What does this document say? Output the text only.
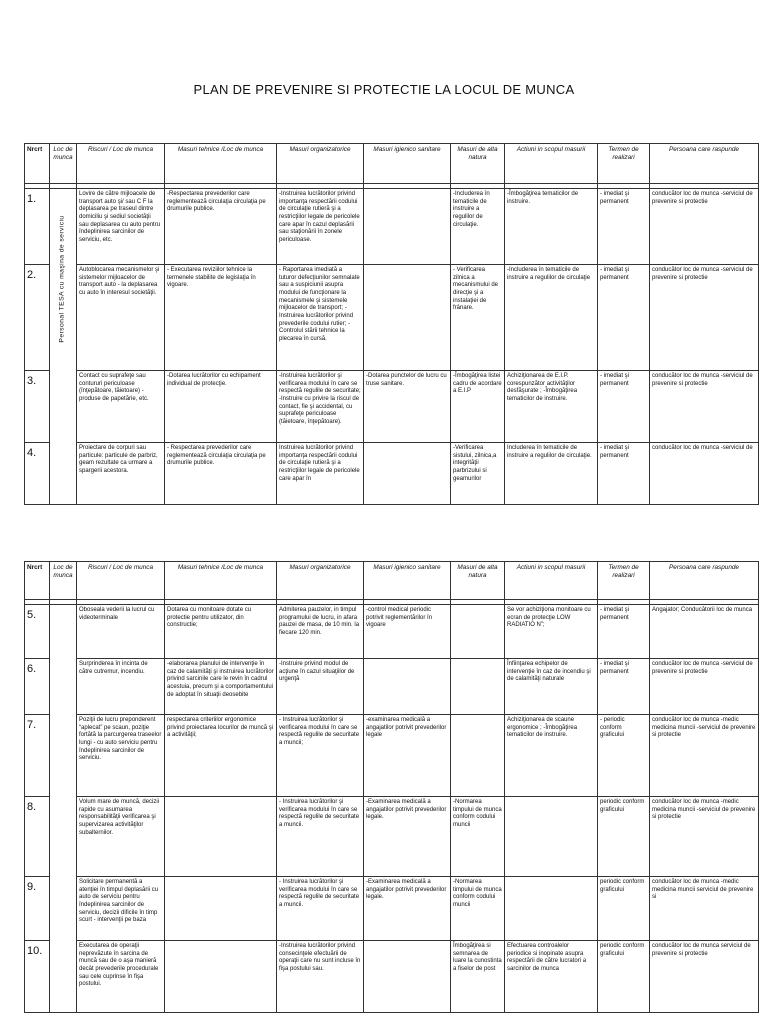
PLAN DE PREVENIRE SI PROTECTIE LA LOCUL DE MUNCA
Nrcrt	Loc de munca	Riscuri / Loc de munca	Masuri tehnice /Loc de munca	Masuri organizatorice	Masuri igienico sanitare	Masuri de alta natura	Actiuni in scopul masurii	Termen de realizari	Persoana care raspunde

1.	Personal TESA cu maşina de serviciu	Lovire de către mijloacele de transport auto şi/ sau C F la deplasarea pe traseul dintre domiciliu şi sediul societăţii sau deplasarea cu auto pentru îndeplinirea sarcinilor de serviciu, etc.	-Respectarea prevederilor care reglementează circulaţia circulaţia pe drumurile publice.	-Instruirea lucrătorilor privind importanţa respectării codului de circulaţie rutieră şi a restricţiilor legale de pericolele care apar în cazul deplasării sau staţionării în zonele periculoase.		-Includerea în tematicile de instruire a regulilor de circulaţie.	-Îmbogăţirea tematicilor de instruire.	- imediat şi permanent	conducător loc de munca -serviciul de prevenire si protectie
2.		Autoblocarea mecanismelor şi sistemelor mijloacelor de transport auto - la deplasarea cu auto în interesul societăţii.	- Executarea reviziilor tehnice la termenele stabilite de legislaţia în vigoare.	- Raportarea imediată a tuturor defecţiunilor semnalate sau a suspiciunii asupra modului de funcţionare la mecanismele şi sistemele mijloacelor de transport; - Instruirea lucrătorilor privind prevederile codului rutier; - Controlul stării tehnice la plecarea în cursă.		- Verificarea zilnica a mecanismului de direcţie şi a instalaţiei de frânare.	-Includerea în tematicile de instruire a regulilor de circulaţie	- imediat şi permanent	conducător loc de munca -serviciul de prevenire si protectie
3.		Contact cu suprafeţe sau contururi periculoase (înţepătoare, tăietoare) - produse de papetărie, etc.	-Dotarea lucrătorilor cu echipament individual de protecţie.	-Instruirea lucrătorilor şi verificarea modului în care se respectă regulile de securitate; -Instruire cu privire la riscul de contact, fie şi accidental, cu suprafeţe periculoase (tăietoare, înţepătoare).	-Dotarea punctelor de lucru cu truse sanitare.	-Îmbogăţirea listei cadru de acordare a E.I.P	Achiziţionarea de E.I.P. corespunzător activităţilor desfăşurate ; -Îmbogăţirea tematicilor de instruire.	- imediat şi permanent	conducător loc de munca -serviciul de prevenire si protectie
4.		Proiectare de corpuri sau particule: particule de parbriz, geam rezultate ca urmare a spargerii acestora.	- Respectarea prevederilor care reglementează circulaţia circulaţia pe drumurile publice.	Instruirea lucrătorilor privind importanţa respectării codului de circulaţie rutieră şi a restricţiilor legale de pericolele care apar în		-Verificarea sistului, zilnica,a integrităţii parbrizului si geamurilor	Includerea în tematicile de instruire a regulilor de circulaţie.	- imediat şi permanent	conducător loc de munca -serviciul de
Nrcrt	Loc de munca	Riscuri / Loc de munca	Masuri tehnice /Loc de munca	Masuri organizatorice	Masuri igienico sanitare	Masuri de alta natura	Actiuni in scopul masurii	Termen de realizari	Persoana care raspunde

5.		Oboseala vederii la lucrul cu videoterminale	Dotarea cu monitoare dotate cu protectie pentru utilizator, din constructie;	Admiterea pauzelor, in timpul programului de lucru, in afara pauzei de masa, de 10 min. la fiecare 120 min.	-control medical periodic potrivit reglementărilor în vigoare		Se vor achiziţiona monitoare cu ecran de protecţie LOW RADIATIO N”;	- imediat şi permanent	Angajator; Conducătorii loc de munca
6.		Surprinderea în incinta de către cutremur, incendiu.	-elaborarea planului de intervenţie în caz de calamităţi şi instruirea lucrătorilor privind sarcinile care le revin în cadrul acestuia, precum şi a comportamentului de adoptat în situaţii deosebite	-Instruire privind modul de acţiune în cazul situaţiilor de urgenţă			Înfiinţarea echipelor de intervenţie în caz de incendiu şi de calamităţi naturale	- imediat şi permanent	conducător loc de munca -serviciul de prevenire si protectie
7.		Poziţii de lucru preponderent “aplecat” pe scaun, poziţie fortătă la parcurgerea traseelor lungi - cu auto serviciu pentru îndeplinirea sarcinilor de serviciu.	respectarea criteriilor ergonomice privind proiectarea locurilor de muncă şi a activităţii;	- Instruirea lucrătorilor şi verificarea modului în care se respectă regulile de securitate a muncii;	-examinarea medicală a angajatilor potrivit prevederilor legale		Achiziţionarea de scaune ergonomice ; -Îmbogăţirea tematicilor de instruire.	- periodic conform graficului	conducător loc de munca -medic medicina muncii -serviciul de prevenire si protectie
8.		Volum mare de muncă, decizii rapide cu asumarea responsabilităţii verificarea şi supervizarea activităţilor subalternilor.		- Instruirea lucrătorilor şi verificarea modului în care se respectă regulile de securitate a muncii.	-Examinarea medicală a angajatilor potrivit prevederilor legale.	-Normarea timpului de munca conform codului muncii		periodic conform graficului	conducător loc de munca -medic medicina muncii -serviciul de prevenire si protectie
9.		Solicitare permanentă a atenţiei în timpul deplasării cu auto de serviciu pentru îndeplinirea sarcinilor de serviciu, decizii dificile în timp scurt - intervenţii pe baza		- Instruirea lucrătorilor şi verificarea modului în care se respectă regulile de securitate a muncii.	-Examinarea medicală a angajatilor potrivit prevederilor legale.	-Normarea timpului de munca conform codului muncii		periodic conform graficului	conducător loc de munca -medic medicina muncii serviciul de prevenire si
10.		Executarea de operaţii neprevăzute în sarcina de muncă sau de o aşa manieră decât prevederile procedurale sau cele cuprinse în fişa postului.		-Instruirea lucrătorilor privind consecinţele efectuării de operaţii care nu sunt incluse în fişa postului sau.		Îmbogăţirea si semnarea de luare la cunostinta a fiselor de post	Efectuarea controalelor periodice si inopinate asupra respectării de către lucratori a sarcinilor de munca	periodic conform graficului	conducător loc de munca serviciul de prevenire si protectie
